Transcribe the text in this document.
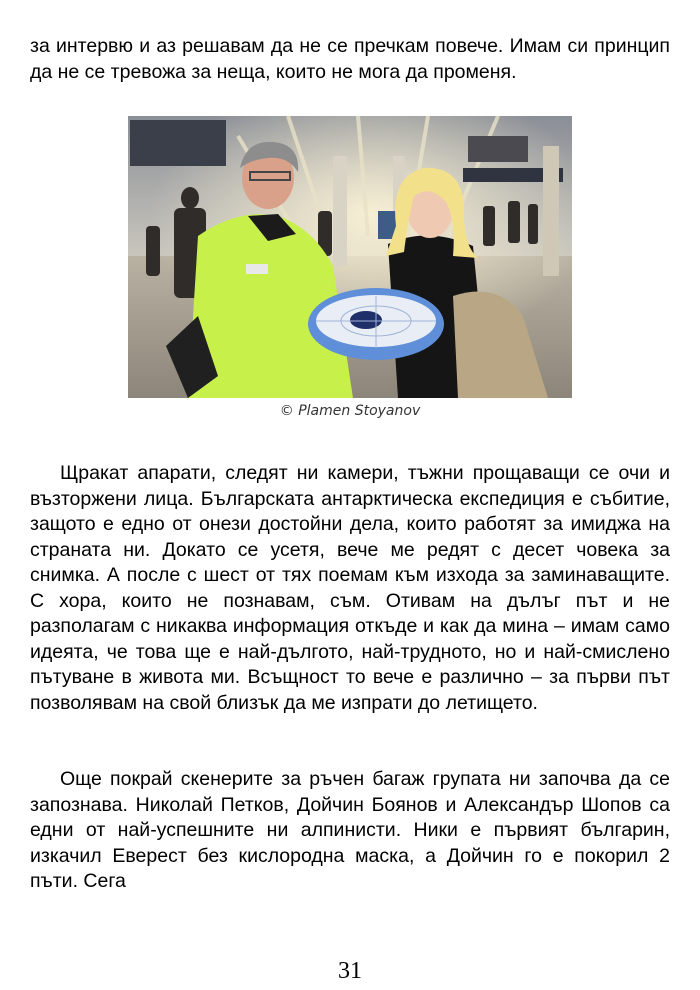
за интервю и аз решавам да не се пречкам повече. Имам си принцип да не се тревожа за неща, които не мога да променя.

© Plamen Stoyanov

Щракат апарати, следят ни камери, тъжни прощаващи се очи и възторжени лица. Българската антарктическа експедиция е събитие, защото е едно от онези достойни дела, които работят за имиджа на страната ни. Докато се усетя, вече ме редят с десет човека за снимка. А после с шест от тях поемам към изхода за заминаващите. С хора, които не познавам, съм. Отивам на дълъг път и не разполагам с никаква информация откъде и как да мина – имам само идеята, че това ще е най-дългото, най-трудното, но и най-смислено пътуване в живота ми. Всъщност то вече е различно – за първи път позволявам на свой близък да ме изпрати до летището.

Още покрай скенерите за ръчен багаж групата ни започва да се запознава. Николай Петков, Дойчин Боянов и Александър Шопов са едни от най-успешните ни алпинисти. Ники е първият българин, изкачил Еверест без кислородна маска, а Дойчин го е покорил 2 пъти. Сега

31
